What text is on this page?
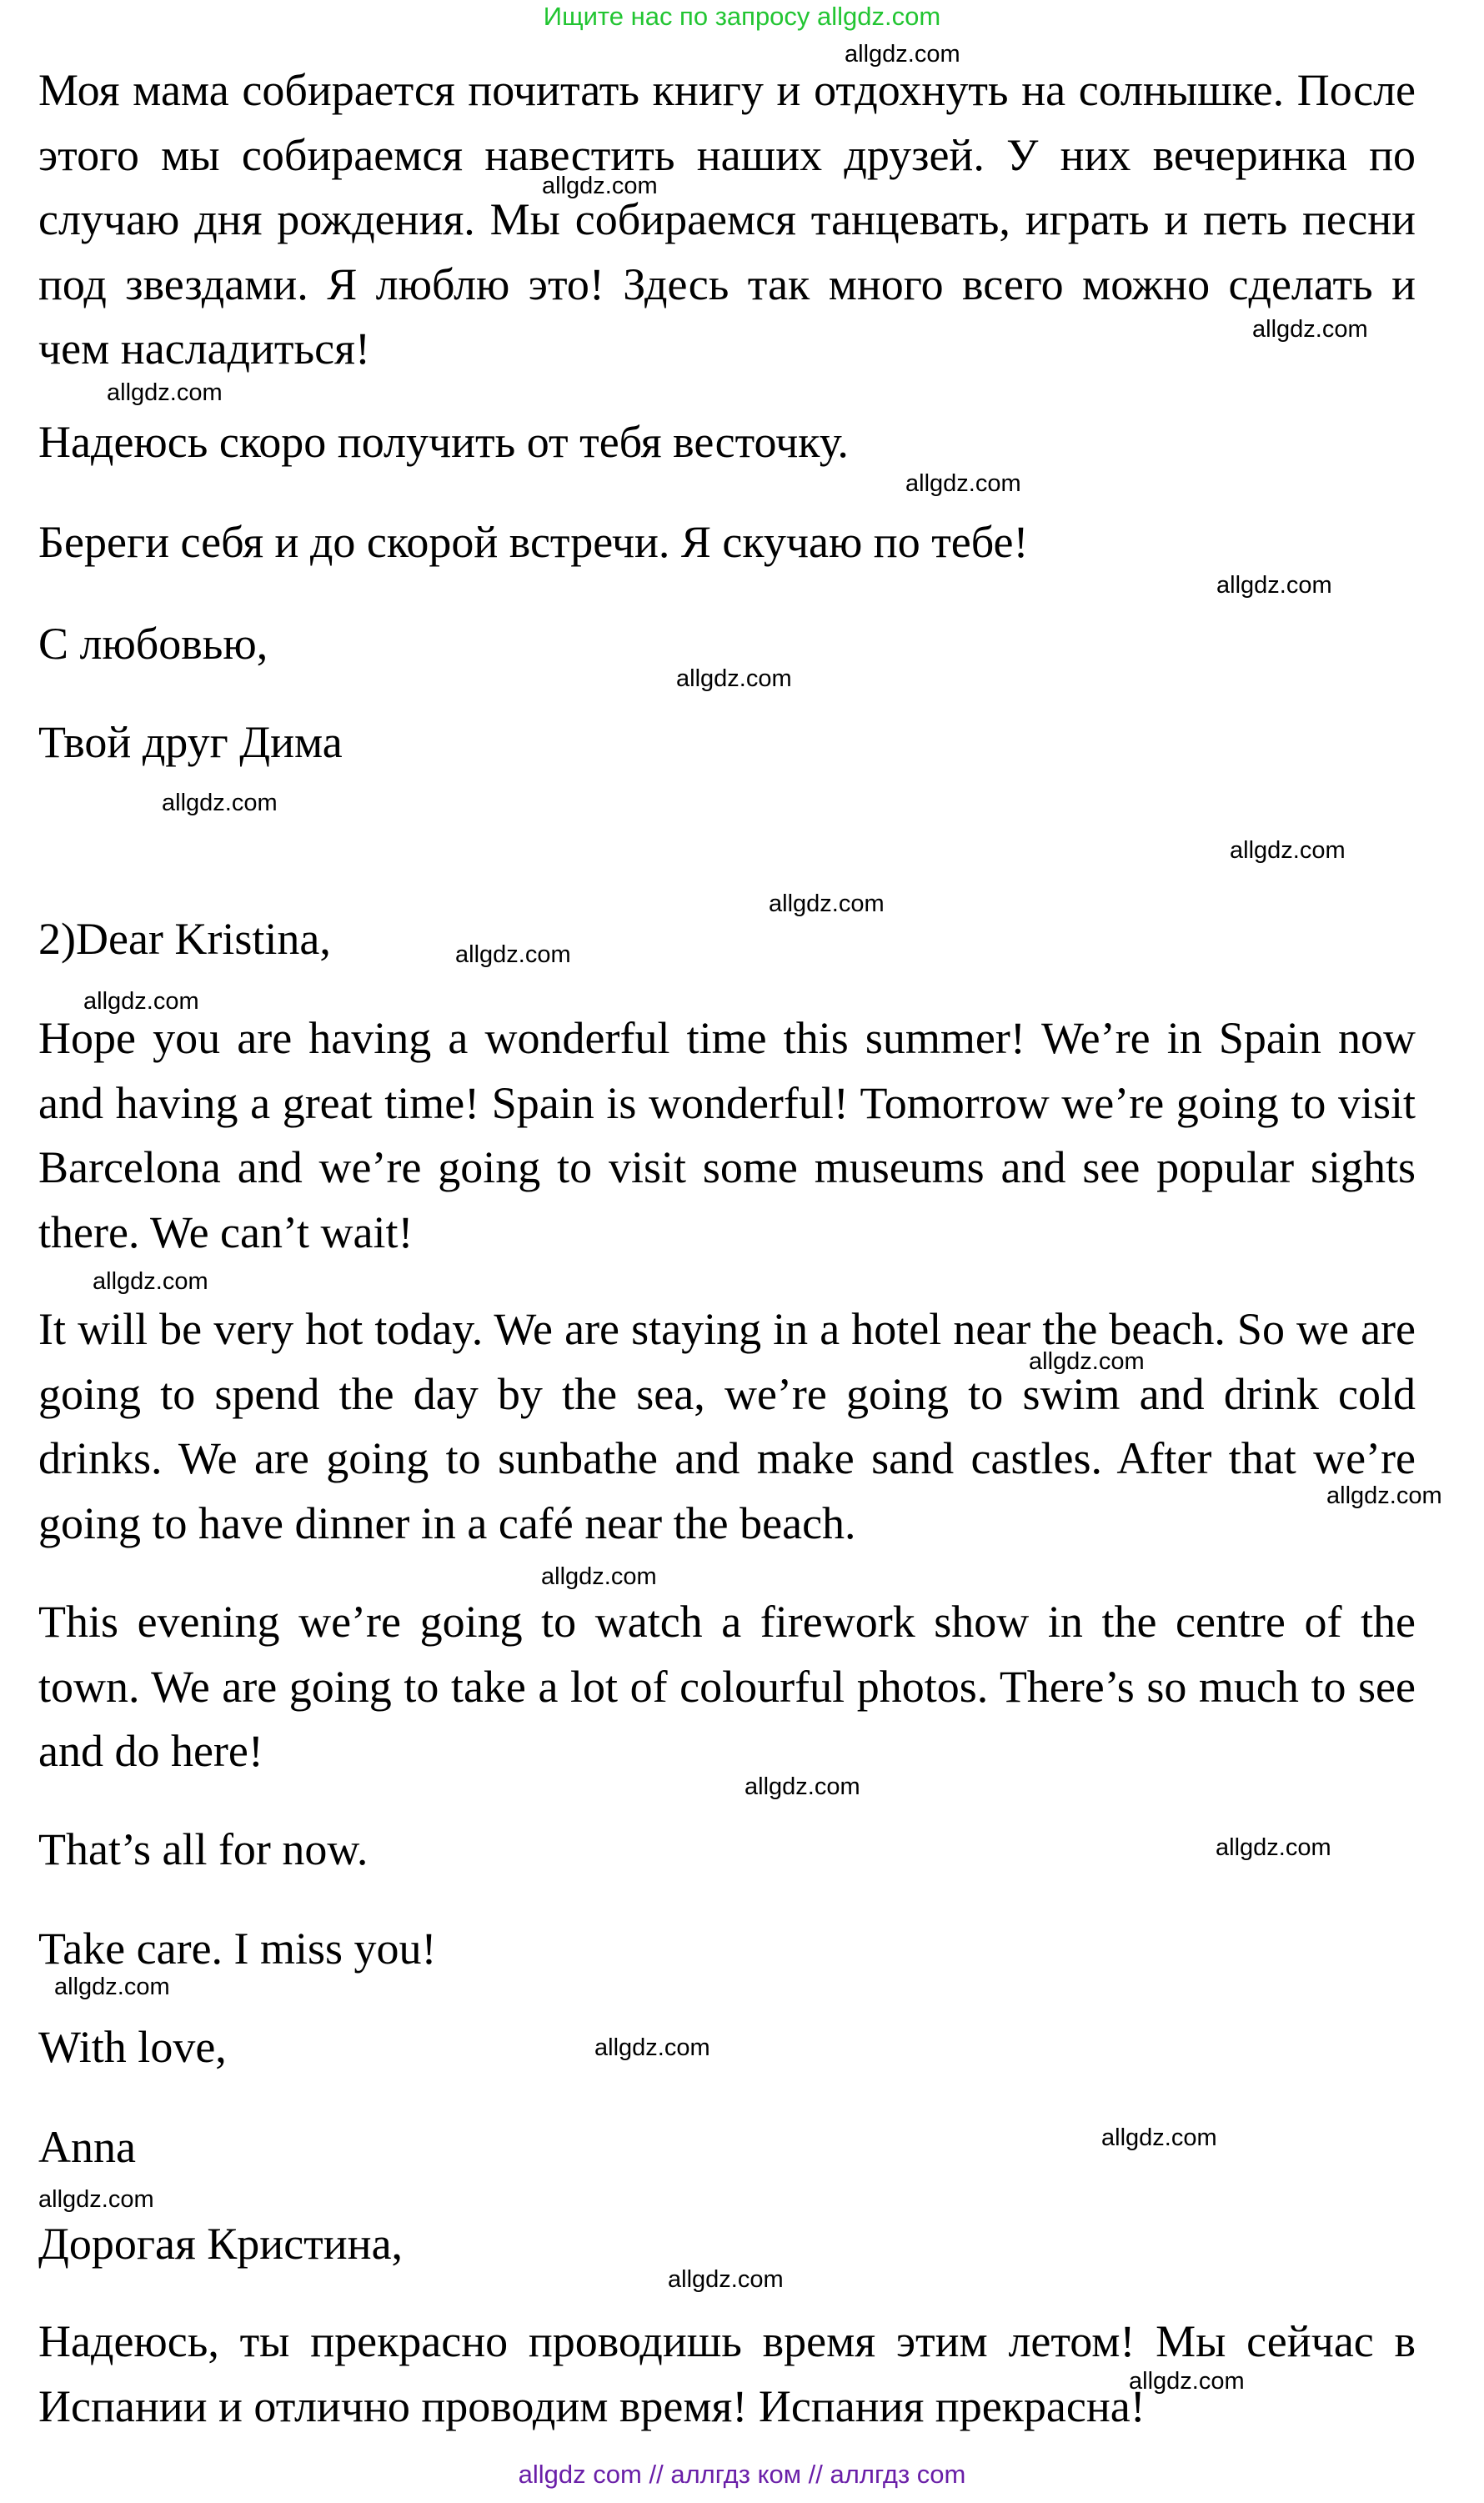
Ищите нас по запросу allgdz.com

Моя мама собирается почитать книгу и отдохнуть на солнышке. После этого мы собираемся навестить наших друзей. У них вечеринка по случаю дня рождения. Мы собираемся танцевать, играть и петь песни под звездами. Я люблю это! Здесь так много всего можно сделать и чем насладиться!

Надеюсь скоро получить от тебя весточку.

Береги себя и до скорой встречи. Я скучаю по тебе!

С любовью,

Твой друг Дима

2)Dear Kristina,

Hope you are having a wonderful time this summer! We’re in Spain now and having a great time! Spain is wonderful! Tomorrow we’re going to visit Barcelona and we’re going to visit some museums and see popular sights there. We can’t wait!

It will be very hot today. We are staying in a hotel near the beach. So we are going to spend the day by the sea, we’re going to swim and drink cold drinks. We are going to sunbathe and make sand castles. After that we’re going to have dinner in a café near the beach.

This evening we’re going to watch a firework show in the centre of the town. We are going to take a lot of colourful photos. There’s so much to see and do here!

That’s all for now.

Take care. I miss you!

With love,

Anna

Дорогая Кристина,

Надеюсь, ты прекрасно проводишь время этим летом! Мы сейчас в Испании и отлично проводим время! Испания прекрасна!

allgdz.com
allgdz.com
allgdz.com
allgdz.com
allgdz.com
allgdz.com
allgdz.com
allgdz.com
allgdz.com
allgdz.com
allgdz.com
allgdz.com
allgdz.com
allgdz.com
allgdz.com
allgdz.com
allgdz.com
allgdz.com
allgdz.com
allgdz.com
allgdz.com
allgdz.com
allgdz.com
allgdz.com
allgdz com // аллгдз ком // аллгдз com
